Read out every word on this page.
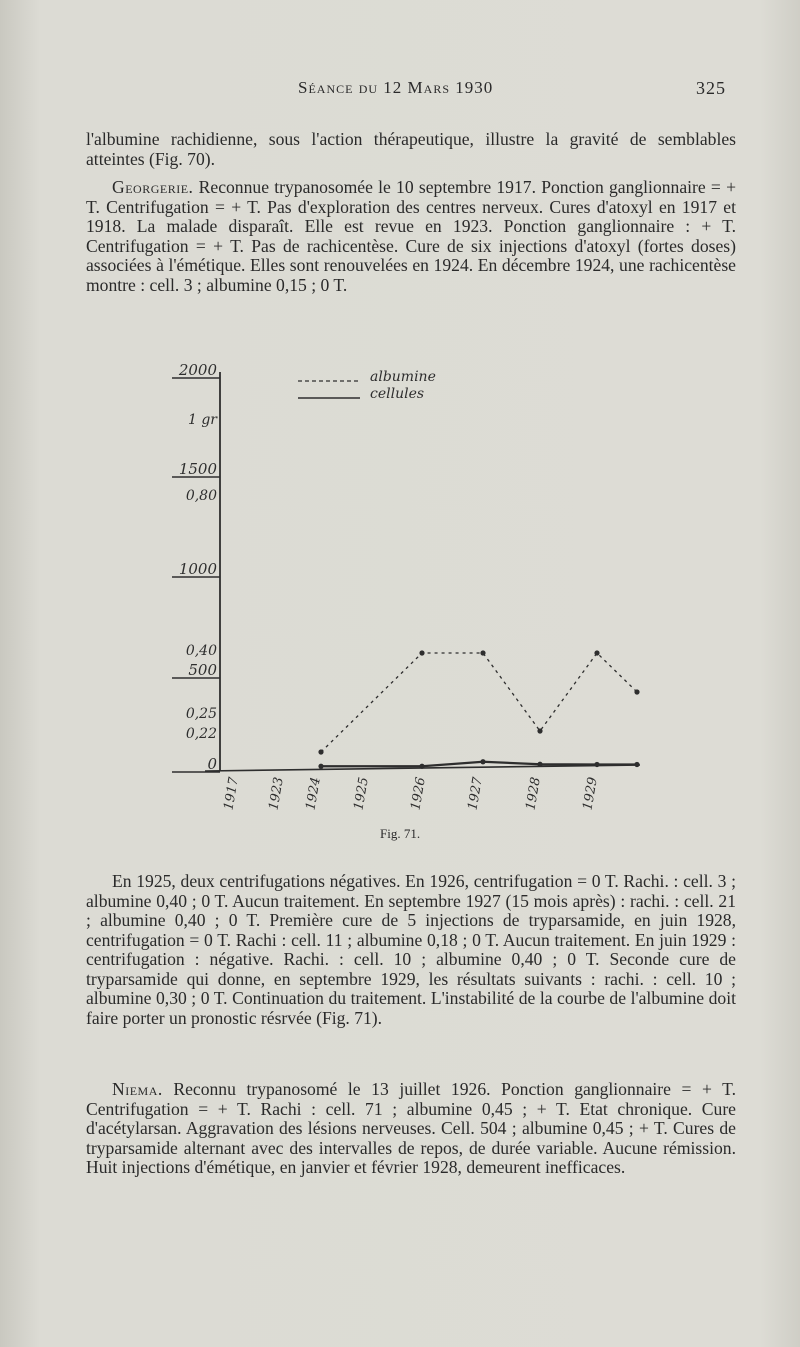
Séance du 12 Mars 1930	325

l'albumine rachidienne, sous l'action thérapeutique, illustre la gravité de semblables atteintes (Fig. 70).

Georgerie. Reconnue trypanosomée le 10 septembre 1917. Ponction ganglionnaire = + T. Centrifugation = + T. Pas d'exploration des centres nerveux. Cures d'atoxyl en 1917 et 1918. La malade disparaît. Elle est revue en 1923. Ponction ganglionnaire : + T. Centrifugation = + T. Pas de rachicentèse. Cure de six injections d'atoxyl (fortes doses) associées à l'émétique. Elles sont renouvelées en 1924. En décembre 1924, une rachicentèse montre : cell. 3 ; albumine 0,15 ; 0 T.

2000
1500
1000
500
0
1 gr
0,80
0,40
0,25
0,22
1917 1923 1924 1925	1926	1927	1928	1929
albumine
cellules
Fig. 71.

En 1925, deux centrifugations négatives. En 1926, centrifugation = 0 T. Rachi. : cell. 3 ; albumine 0,40 ; 0 T. Aucun traitement. En septembre 1927 (15 mois après) : rachi. : cell. 21 ; albumine 0,40 ; 0 T. Première cure de 5 injections de tryparsamide, en juin 1928, centrifugation = 0 T. Rachi : cell. 11 ; albumine 0,18 ; 0 T. Aucun traitement. En juin 1929 : centrifugation : négative. Rachi. : cell. 10 ; albumine 0,40 ; 0 T. Seconde cure de tryparsamide qui donne, en septembre 1929, les résultats suivants : rachi. : cell. 10 ; albumine 0,30 ; 0 T. Continuation du traitement. L'instabilité de la courbe de l'albumine doit faire porter un pronostic résrvée (Fig. 71).

Niema. Reconnu trypanosomé le 13 juillet 1926. Ponction ganglionnaire = + T. Centrifugation = + T. Rachi : cell. 71 ; albumine 0,45 ; + T. Etat chronique. Cure d'acétylarsan. Aggravation des lésions nerveuses. Cell. 504 ; albumine 0,45 ; + T. Cures de tryparsamide alternant avec des intervalles de repos, de durée variable. Aucune rémission. Huit injections d'émétique, en janvier et février 1928, demeurent inefficaces.
